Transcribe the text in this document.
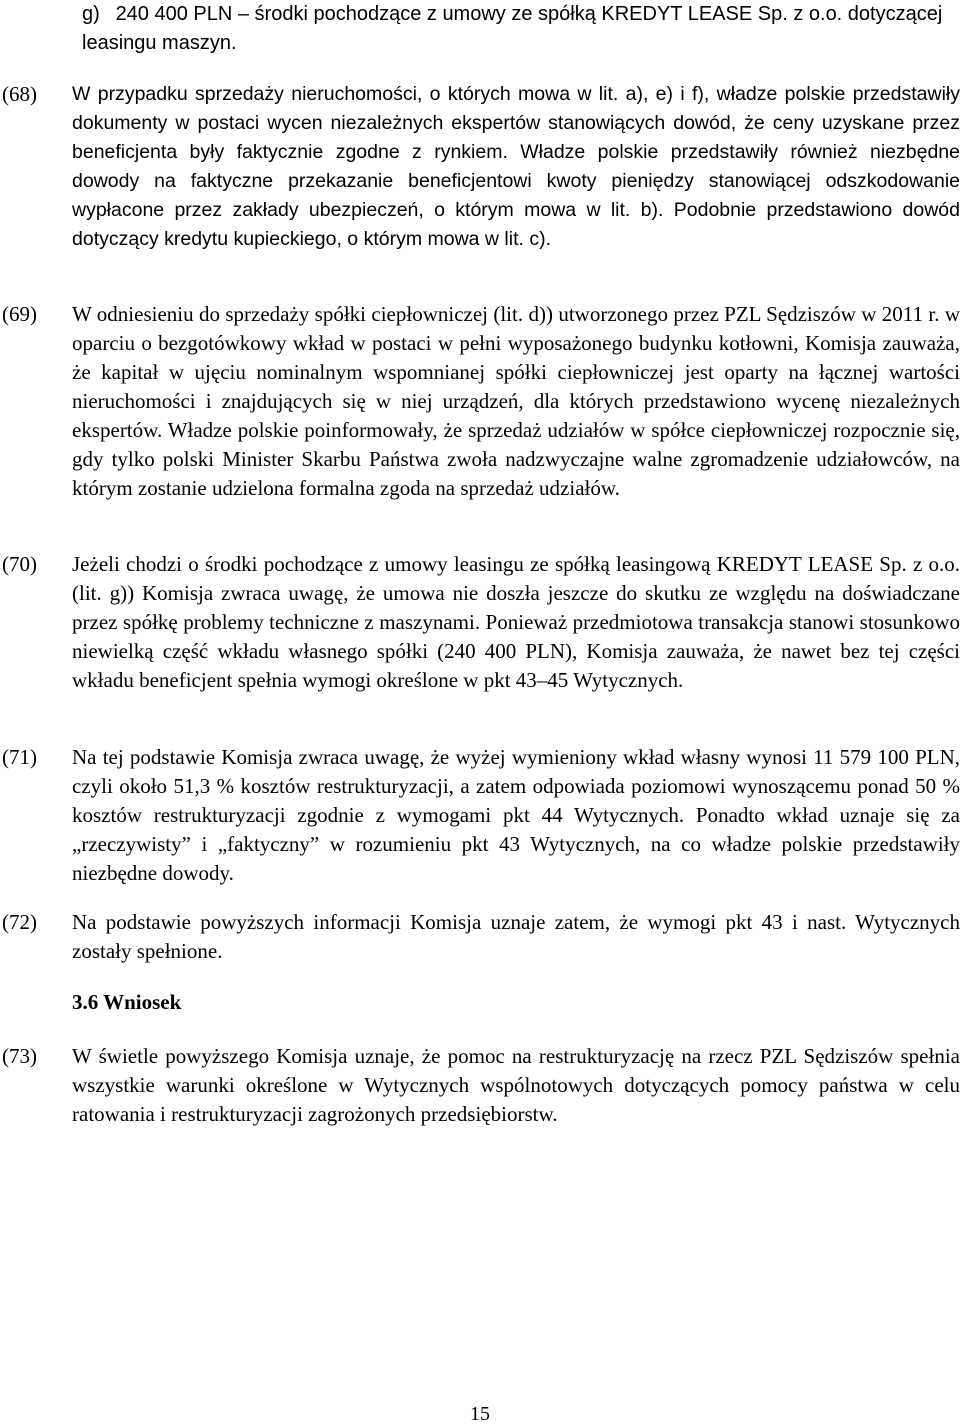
g) 240 400 PLN – środki pochodzące z umowy ze spółką KREDYT LEASE Sp. z o.o. dotyczącej leasingu maszyn.
(68) W przypadku sprzedaży nieruchomości, o których mowa w lit. a), e) i f), władze polskie przedstawiły dokumenty w postaci wycen niezależnych ekspertów stanowiących dowód, że ceny uzyskane przez beneficjenta były faktycznie zgodne z rynkiem. Władze polskie przedstawiły również niezbędne dowody na faktyczne przekazanie beneficjentowi kwoty pieniędzy stanowiącej odszkodowanie wypłacone przez zakłady ubezpieczeń, o którym mowa w lit. b). Podobnie przedstawiono dowód dotyczący kredytu kupieckiego, o którym mowa w lit. c).
(69) W odniesieniu do sprzedaży spółki ciepłowniczej (lit. d)) utworzonego przez PZL Sędziszów w 2011 r. w oparciu o bezgotówkowy wkład w postaci w pełni wyposażonego budynku kotłowni, Komisja zauważa, że kapitał w ujęciu nominalnym wspomnianej spółki ciepłowniczej jest oparty na łącznej wartości nieruchomości i znajdujących się w niej urządzeń, dla których przedstawiono wycenę niezależnych ekspertów. Władze polskie poinformowały, że sprzedaż udziałów w spółce ciepłowniczej rozpocznie się, gdy tylko polski Minister Skarbu Państwa zwoła nadzwyczajne walne zgromadzenie udziałowców, na którym zostanie udzielona formalna zgoda na sprzedaż udziałów.
(70) Jeżeli chodzi o środki pochodzące z umowy leasingu ze spółką leasingową KREDYT LEASE Sp. z o.o. (lit. g)) Komisja zwraca uwagę, że umowa nie doszła jeszcze do skutku ze względu na doświadczane przez spółkę problemy techniczne z maszynami. Ponieważ przedmiotowa transakcja stanowi stosunkowo niewielką część wkładu własnego spółki (240 400 PLN), Komisja zauważa, że nawet bez tej części wkładu beneficjent spełnia wymogi określone w pkt 43–45 Wytycznych.
(71) Na tej podstawie Komisja zwraca uwagę, że wyżej wymieniony wkład własny wynosi 11 579 100 PLN, czyli około 51,3 % kosztów restrukturyzacji, a zatem odpowiada poziomowi wynoszącemu ponad 50 % kosztów restrukturyzacji zgodnie z wymogami pkt 44 Wytycznych. Ponadto wkład uznaje się za „rzeczywisty” i „faktyczny” w rozumieniu pkt 43 Wytycznych, na co władze polskie przedstawiły niezbędne dowody.
(72) Na podstawie powyższych informacji Komisja uznaje zatem, że wymogi pkt 43 i nast. Wytycznych zostały spełnione.
3.6 Wniosek
(73) W świetle powyższego Komisja uznaje, że pomoc na restrukturyzację na rzecz PZL Sędziszów spełnia wszystkie warunki określone w Wytycznych wspólnotowych dotyczących pomocy państwa w celu ratowania i restrukturyzacji zagrożonych przedsiębiorstw.
15
